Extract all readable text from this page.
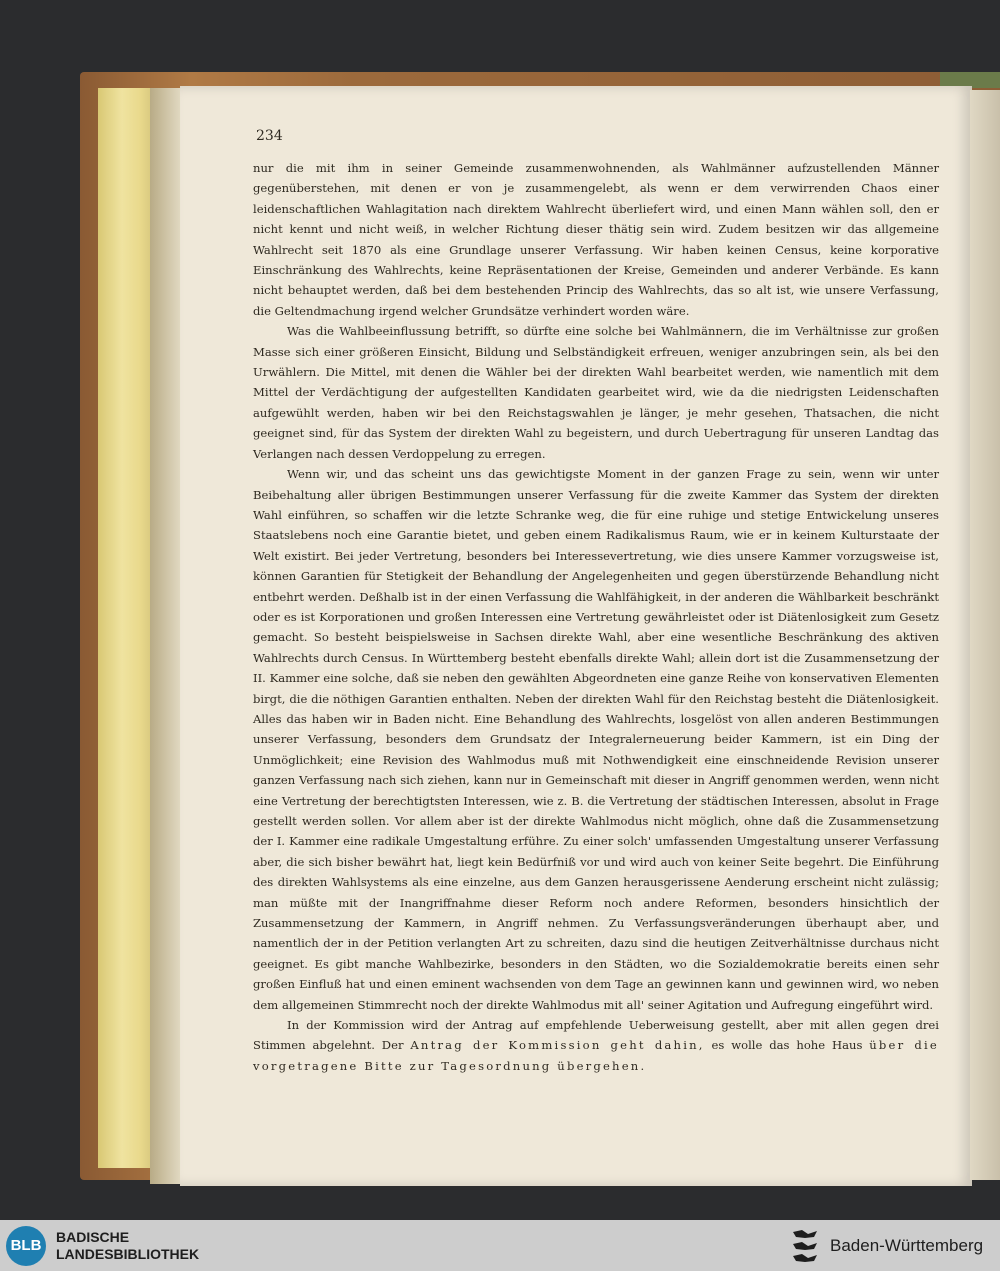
234

nur die mit ihm in seiner Gemeinde zusammenwohnenden, als Wahlmänner aufzustellenden Männer gegenüberstehen, mit denen er von je zusammengelebt, als wenn er dem verwirrenden Chaos einer leidenschaftlichen Wahlagitation nach direktem Wahlrecht überliefert wird, und einen Mann wählen soll, den er nicht kennt und nicht weiß, in welcher Richtung dieser thätig sein wird. Zudem besitzen wir das allgemeine Wahlrecht seit 1870 als eine Grundlage unserer Verfassung. Wir haben keinen Census, keine korporative Einschränkung des Wahlrechts, keine Repräsentationen der Kreise, Gemeinden und anderer Verbände. Es kann nicht behauptet werden, daß bei dem bestehenden Princip des Wahlrechts, das so alt ist, wie unsere Verfassung, die Geltendmachung irgend welcher Grundsätze verhindert worden wäre.

Was die Wahlbeeinflussung betrifft, so dürfte eine solche bei Wahlmännern, die im Verhältnisse zur großen Masse sich einer größeren Einsicht, Bildung und Selbständigkeit erfreuen, weniger anzubringen sein, als bei den Urwählern. Die Mittel, mit denen die Wähler bei der direkten Wahl bearbeitet werden, wie namentlich mit dem Mittel der Verdächtigung der aufgestellten Kandidaten gearbeitet wird, wie da die niedrigsten Leidenschaften aufgewühlt werden, haben wir bei den Reichstagswahlen je länger, je mehr gesehen, Thatsachen, die nicht geeignet sind, für das System der direkten Wahl zu begeistern, und durch Uebertragung für unseren Landtag das Verlangen nach dessen Verdoppelung zu erregen.

Wenn wir, und das scheint uns das gewichtigste Moment in der ganzen Frage zu sein, wenn wir unter Beibehaltung aller übrigen Bestimmungen unserer Verfassung für die zweite Kammer das System der direkten Wahl einführen, so schaffen wir die letzte Schranke weg, die für eine ruhige und stetige Entwickelung unseres Staatslebens noch eine Garantie bietet, und geben einem Radikalismus Raum, wie er in keinem Kulturstaate der Welt existirt. Bei jeder Vertretung, besonders bei Interessevertretung, wie dies unsere Kammer vorzugsweise ist, können Garantien für Stetigkeit der Behandlung der Angelegenheiten und gegen überstürzende Behandlung nicht entbehrt werden. Deßhalb ist in der einen Verfassung die Wahlfähigkeit, in der anderen die Wählbarkeit beschränkt oder es ist Korporationen und großen Interessen eine Vertretung gewährleistet oder ist Diätenlosigkeit zum Gesetz gemacht. So besteht beispielsweise in Sachsen direkte Wahl, aber eine wesentliche Beschränkung des aktiven Wahlrechts durch Census. In Württemberg besteht ebenfalls direkte Wahl; allein dort ist die Zusammensetzung der II. Kammer eine solche, daß sie neben den gewählten Abgeordneten eine ganze Reihe von konservativen Elementen birgt, die die nöthigen Garantien enthalten. Neben der direkten Wahl für den Reichstag besteht die Diätenlosigkeit. Alles das haben wir in Baden nicht. Eine Behandlung des Wahlrechts, losgelöst von allen anderen Bestimmungen unserer Verfassung, besonders dem Grundsatz der Integralerneuerung beider Kammern, ist ein Ding der Unmöglichkeit; eine Revision des Wahlmodus muß mit Nothwendigkeit eine einschneidende Revision unserer ganzen Verfassung nach sich ziehen, kann nur in Gemeinschaft mit dieser in Angriff genommen werden, wenn nicht eine Vertretung der berechtigtsten Interessen, wie z. B. die Vertretung der städtischen Interessen, absolut in Frage gestellt werden sollen. Vor allem aber ist der direkte Wahlmodus nicht möglich, ohne daß die Zusammensetzung der I. Kammer eine radikale Umgestaltung erführe. Zu einer solch' umfassenden Umgestaltung unserer Verfassung aber, die sich bisher bewährt hat, liegt kein Bedürfniß vor und wird auch von keiner Seite begehrt. Die Einführung des direkten Wahlsystems als eine einzelne, aus dem Ganzen herausgerissene Aenderung erscheint nicht zulässig; man müßte mit der Inangriffnahme dieser Reform noch andere Reformen, besonders hinsichtlich der Zusammensetzung der Kammern, in Angriff nehmen. Zu Verfassungsveränderungen überhaupt aber, und namentlich der in der Petition verlangten Art zu schreiten, dazu sind die heutigen Zeitverhältnisse durchaus nicht geeignet. Es gibt manche Wahlbezirke, besonders in den Städten, wo die Sozialdemokratie bereits einen sehr großen Einfluß hat und einen eminent wachsenden von dem Tage an gewinnen kann und gewinnen wird, wo neben dem allgemeinen Stimmrecht noch der direkte Wahlmodus mit all' seiner Agitation und Aufregung eingeführt wird.

In der Kommission wird der Antrag auf empfehlende Ueberweisung gestellt, aber mit allen gegen drei Stimmen abgelehnt. Der Antrag der Kommission geht dahin, es wolle das hohe Haus über die vorgetragene Bitte zur Tagesordnung übergehen.

BLB	BADISCHE
LANDESBIBLIOTHEK	Baden-Württemberg
